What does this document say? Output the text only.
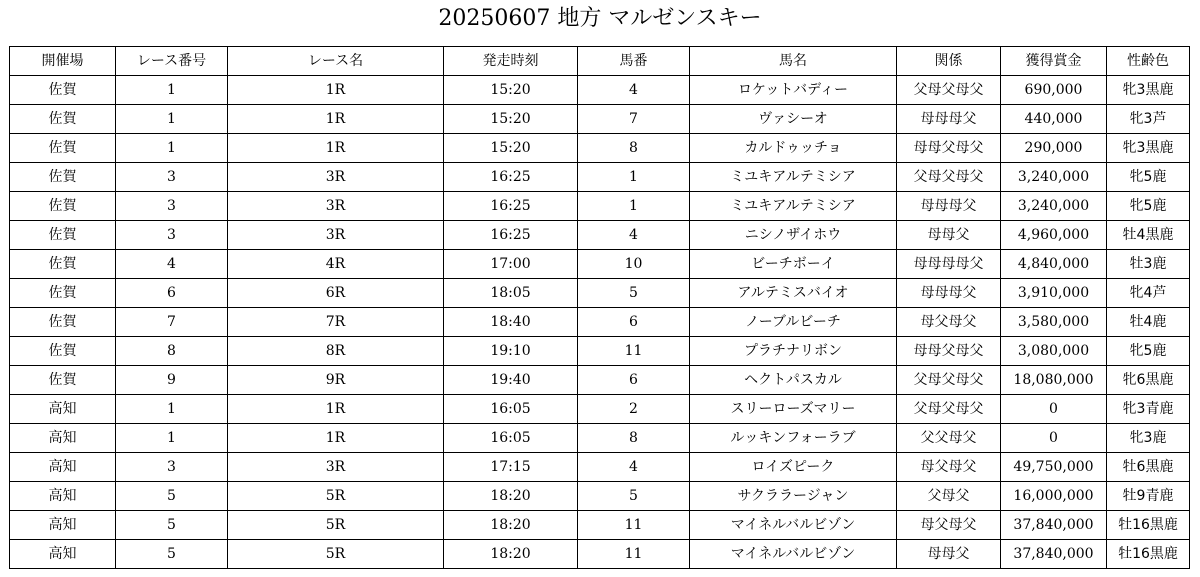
20250607 地方 マルゼンスキー
開催場	レース番号	レース名	発走時刻	馬番	馬名	関係	獲得賞金	性齢色
佐賀	1	1R	15:20	4	ロケットバディー	父母父母父	690,000	牝3黒鹿
佐賀	1	1R	15:20	7	ヴァシーオ	母母母父	440,000	牝3芦
佐賀	1	1R	15:20	8	カルドゥッチョ	母母父母父	290,000	牝3黒鹿
佐賀	3	3R	16:25	1	ミユキアルテミシア	父母父母父	3,240,000	牝5鹿
佐賀	3	3R	16:25	1	ミユキアルテミシア	母母母父	3,240,000	牝5鹿
佐賀	3	3R	16:25	4	ニシノザイホウ	母母父	4,960,000	牡4黒鹿
佐賀	4	4R	17:00	10	ビーチボーイ	母母母母父	4,840,000	牡3鹿
佐賀	6	6R	18:05	5	アルテミスバイオ	母母母父	3,910,000	牝4芦
佐賀	7	7R	18:40	6	ノーブルビーチ	母父母父	3,580,000	牡4鹿
佐賀	8	8R	19:10	11	プラチナリボン	母母父母父	3,080,000	牝5鹿
佐賀	9	9R	19:40	6	ヘクトパスカル	父母父母父	18,080,000	牝6黒鹿
高知	1	1R	16:05	2	スリーローズマリー	父母父母父	0	牝3青鹿
高知	1	1R	16:05	8	ルッキンフォーラブ	父父母父	0	牝3鹿
高知	3	3R	17:15	4	ロイズピーク	母父母父	49,750,000	牡6黒鹿
高知	5	5R	18:20	5	サクララージャン	父母父	16,000,000	牡9青鹿
高知	5	5R	18:20	11	マイネルバルビゾン	母父母父	37,840,000	牡16黒鹿
高知	5	5R	18:20	11	マイネルバルビゾン	母母父	37,840,000	牡16黒鹿
